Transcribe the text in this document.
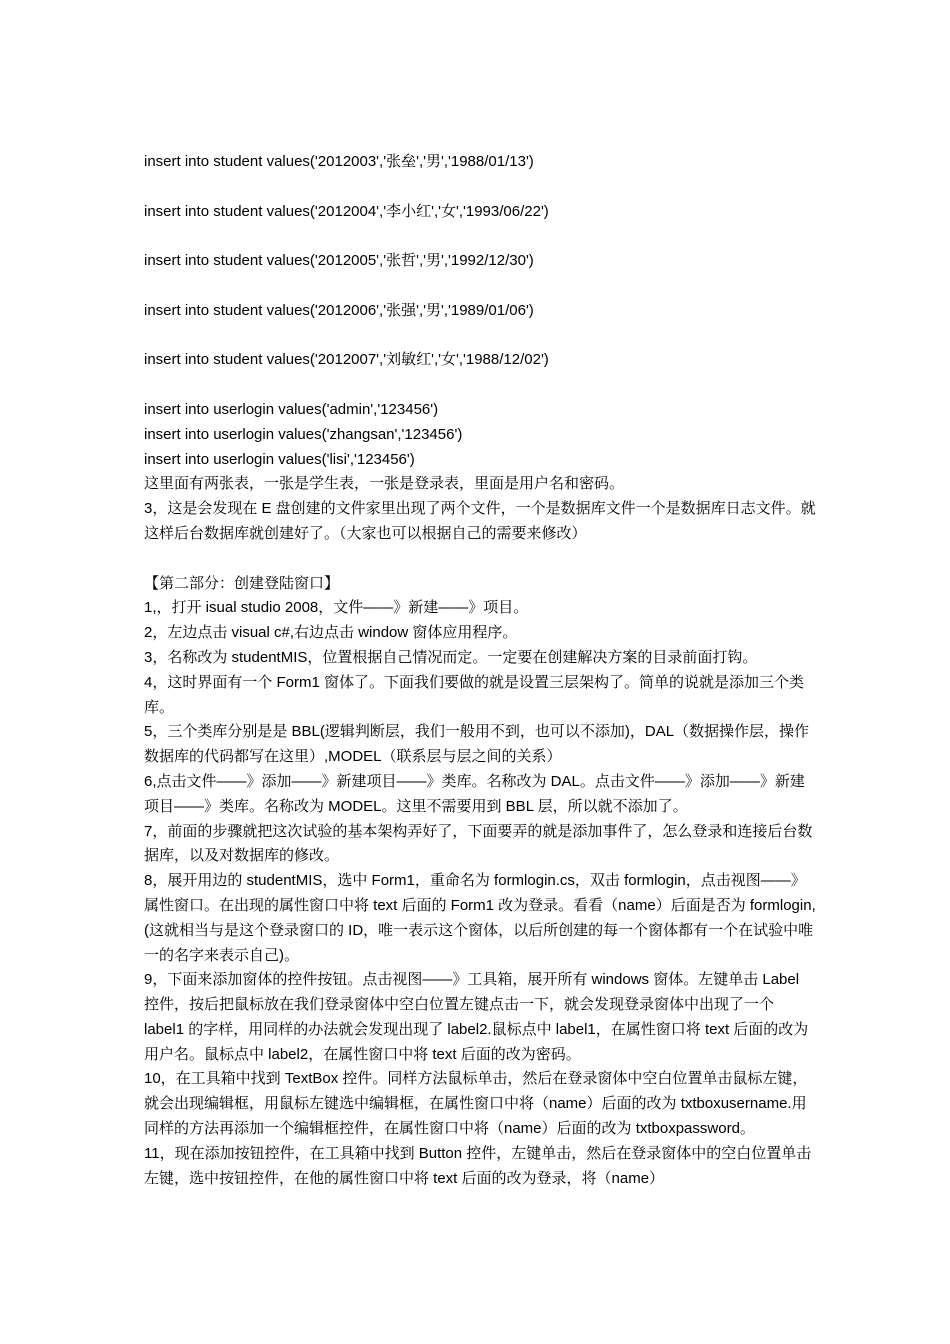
insert into student values('2012003','张垒','男','1988/01/13')
insert into student values('2012004','李小红','女','1993/06/22')
insert into student values('2012005','张哲','男','1992/12/30')
insert into student values('2012006','张强','男','1989/01/06')
insert into student values('2012007','刘敏红','女','1988/12/02')
insert into userlogin values('admin','123456')
insert into userlogin values('zhangsan','123456')
insert into userlogin values('lisi','123456')

这里面有两张表，一张是学生表，一张是登录表，里面是用户名和密码。

3，这是会发现在 E 盘创建的文件家里出现了两个文件，一个是数据库文件一个是数据库日志文件。就这样后台数据库就创建好了。（大家也可以根据自己的需要来修改）

【第二部分：创建登陆窗口】

1,，打开 isual studio 2008，文件——》新建——》项目。

2，左边点击 visual c#,右边点击 window 窗体应用程序。

3，名称改为 studentMIS，位置根据自己情况而定。一定要在创建解决方案的目录前面打钩。

4，这时界面有一个 Form1 窗体了。下面我们要做的就是设置三层架构了。简单的说就是添加三个类库。

5，三个类库分别是是 BBL(逻辑判断层，我们一般用不到，也可以不添加)，DAL（数据操作层，操作数据库的代码都写在这里）,MODEL（联系层与层之间的关系）

6,点击文件——》添加——》新建项目——》类库。名称改为 DAL。点击文件——》添加——》新建项目——》类库。名称改为 MODEL。这里不需要用到 BBL 层，所以就不添加了。

7，前面的步骤就把这次试验的基本架构弄好了，下面要弄的就是添加事件了，怎么登录和连接后台数据库，以及对数据库的修改。

8，展开用边的 studentMIS，选中 Form1，重命名为 formlogin.cs，双击 formlogin，点击视图——》属性窗口。在出现的属性窗口中将 text 后面的 Form1 改为登录。看看（name）后面是否为 formlogin,(这就相当与是这个登录窗口的 ID，唯一表示这个窗体，以后所创建的每一个窗体都有一个在试验中唯一的名字来表示自己)。

9，下面来添加窗体的控件按钮。点击视图——》工具箱，展开所有 windows 窗体。左键单击 Label 控件，按后把鼠标放在我们登录窗体中空白位置左键点击一下，就会发现登录窗体中出现了一个 label1 的字样，用同样的办法就会发现出现了 label2.鼠标点中 label1，在属性窗口将 text 后面的改为用户名。鼠标点中 label2，在属性窗口中将 text 后面的改为密码。

10，在工具箱中找到 TextBox 控件。同样方法鼠标单击，然后在登录窗体中空白位置单击鼠标左键，就会出现编辑框，用鼠标左键选中编辑框，在属性窗口中将（name）后面的改为 txtboxusername.用同样的方法再添加一个编辑框控件，在属性窗口中将（name）后面的改为 txtboxpassword。

11，现在添加按钮控件，在工具箱中找到 Button 控件，左键单击，然后在登录窗体中的空白位置单击左键，选中按钮控件，在他的属性窗口中将 text 后面的改为登录，将（name）
